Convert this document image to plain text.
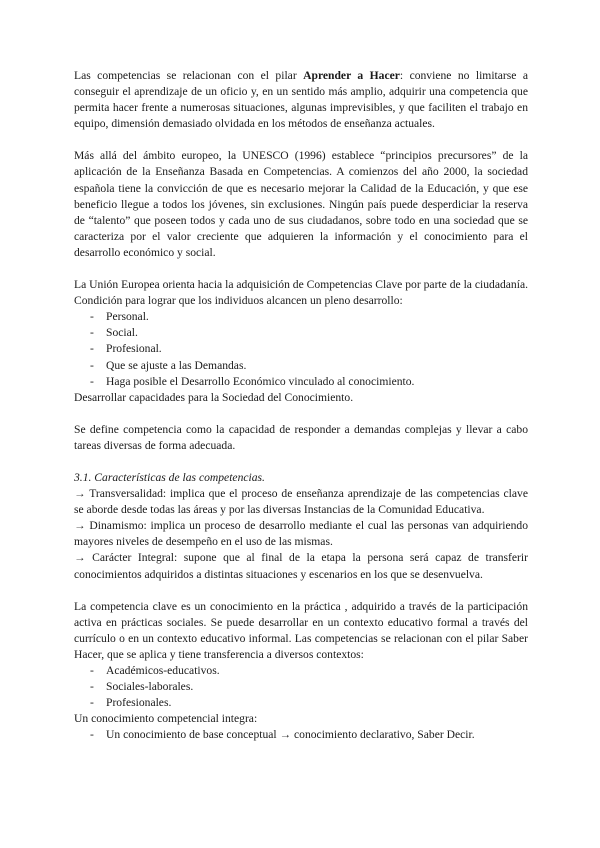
Las competencias se relacionan con el pilar Aprender a Hacer: conviene no limitarse a conseguir el aprendizaje de un oficio y, en un sentido más amplio, adquirir una competencia que permita hacer frente a numerosas situaciones, algunas imprevisibles, y que faciliten el trabajo en equipo, dimensión demasiado olvidada en los métodos de enseñanza actuales.

Más allá del ámbito europeo, la UNESCO (1996) establece “principios precursores” de la aplicación de la Enseñanza Basada en Competencias. A comienzos del año 2000, la sociedad española tiene la convicción de que es necesario mejorar la Calidad de la Educación, y que ese beneficio llegue a todos los jóvenes, sin exclusiones. Ningún país puede desperdiciar la reserva de “talento” que poseen todos y cada uno de sus ciudadanos, sobre todo en una sociedad que se caracteriza por el valor creciente que adquieren la información y el conocimiento para el desarrollo económico y social.

La Unión Europea orienta hacia la adquisición de Competencias Clave por parte de la ciudadanía. Condición para lograr que los individuos alcancen un pleno desarrollo:

- Personal.
- Social.
- Profesional.
- Que se ajuste a las Demandas.
- Haga posible el Desarrollo Económico vinculado al conocimiento.

Desarrollar capacidades para la Sociedad del Conocimiento.

Se define competencia como la capacidad de responder a demandas complejas y llevar a cabo tareas diversas de forma adecuada.

3.1. Características de las competencias.

→ Transversalidad: implica que el proceso de enseñanza aprendizaje de las competencias clave se aborde desde todas las áreas y por las diversas Instancias de la Comunidad Educativa.

→ Dinamismo: implica un proceso de desarrollo mediante el cual las personas van adquiriendo mayores niveles de desempeño en el uso de las mismas.

→ Carácter Integral: supone que al final de la etapa la persona será capaz de transferir conocimientos adquiridos a distintas situaciones y escenarios en los que se desenvuelva.

La competencia clave es un conocimiento en la práctica , adquirido a través de la participación activa en prácticas sociales. Se puede desarrollar en un contexto educativo formal a través del currículo o en un contexto educativo informal. Las competencias se relacionan con el pilar Saber Hacer, que se aplica y tiene transferencia a diversos contextos:

- Académicos-educativos.
- Sociales-laborales.
- Profesionales.

Un conocimiento competencial integra:

- Un conocimiento de base conceptual → conocimiento declarativo, Saber Decir.
